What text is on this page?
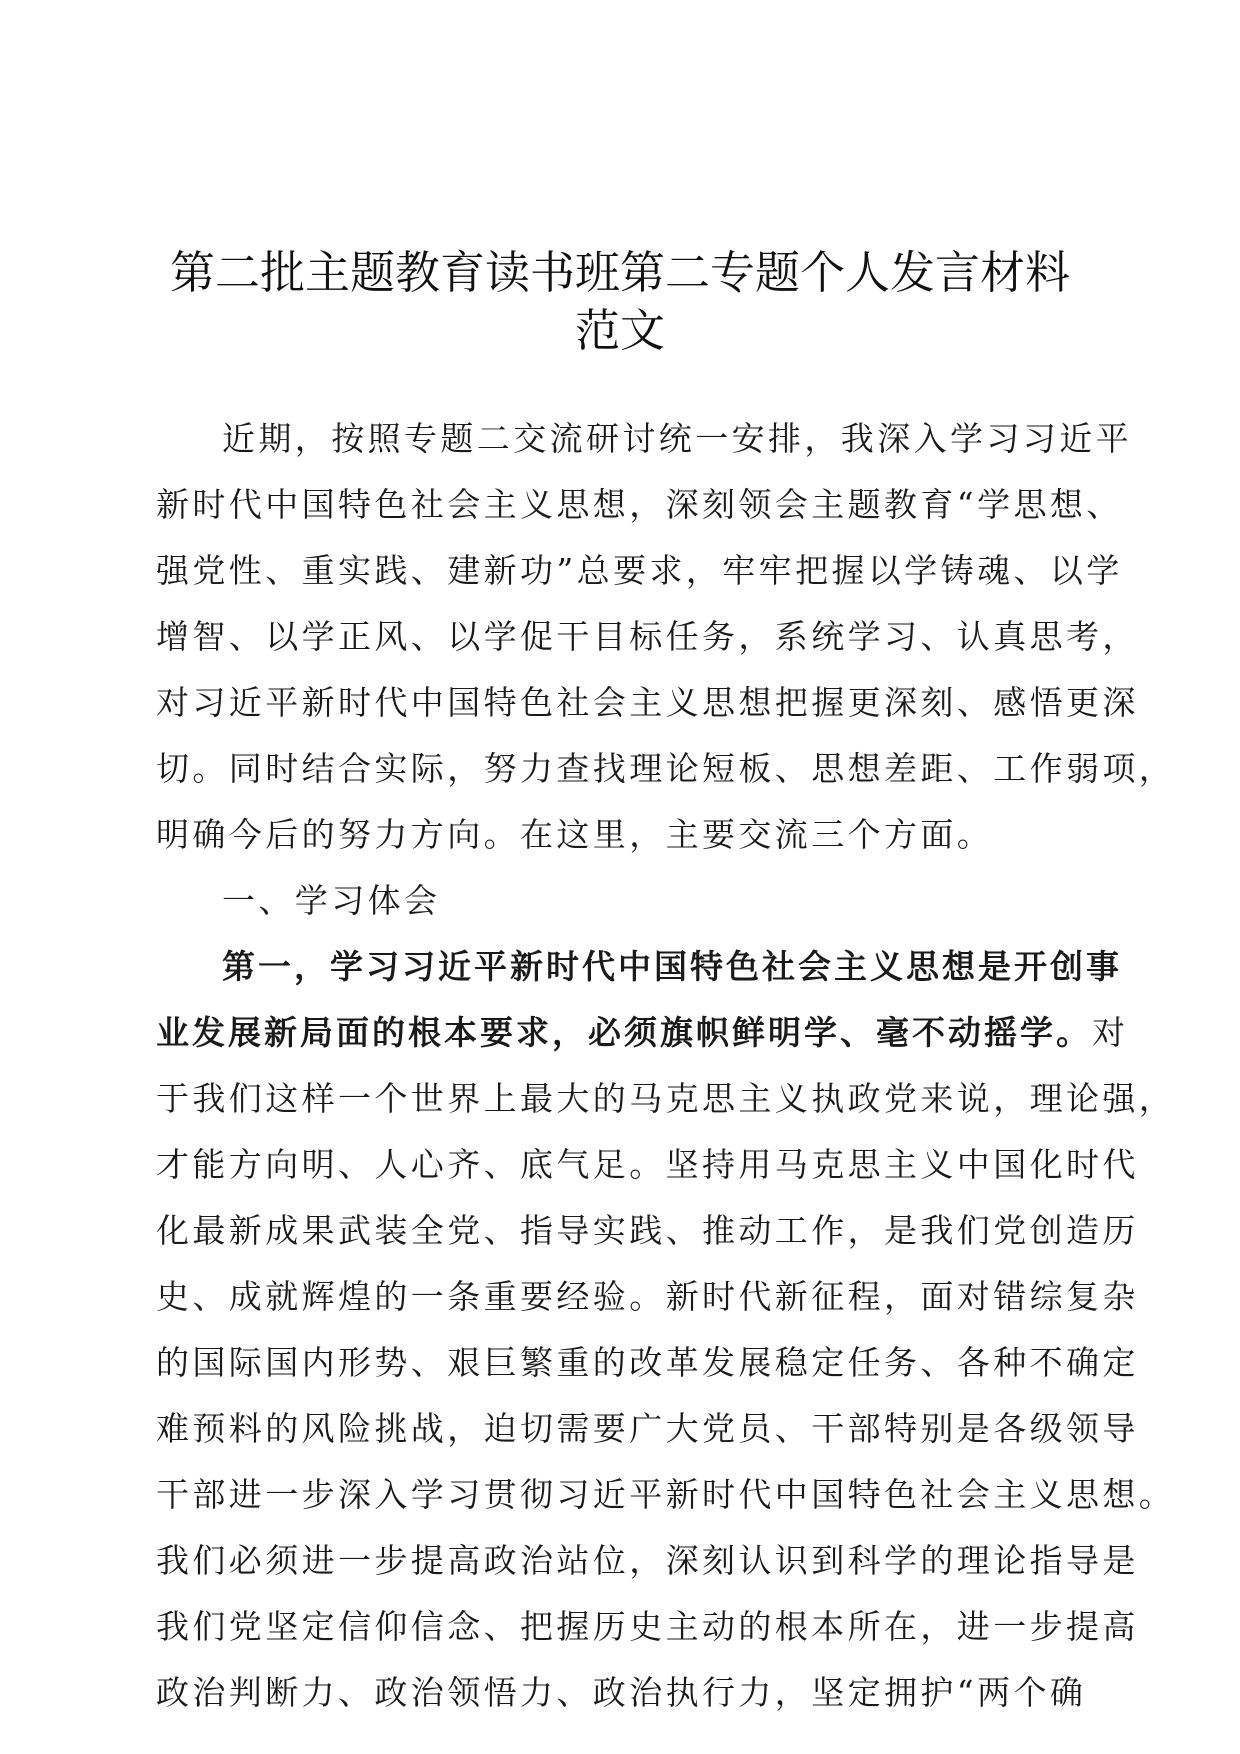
第二批主题教育读书班第二专题个人发言材料
范文
近期，按照专题二交流研讨统一安排，我深入学习习近平
新时代中国特色社会主义思想，深刻领会主题教育“学思想、
强党性、重实践、建新功”总要求，牢牢把握以学铸魂、以学
增智、以学正风、以学促干目标任务，系统学习、认真思考，
对习近平新时代中国特色社会主义思想把握更深刻、感悟更深
切。同时结合实际，努力查找理论短板、思想差距、工作弱项，
明确今后的努力方向。在这里，主要交流三个方面。
一、学习体会
第一，学习习近平新时代中国特色社会主义思想是开创事
业发展新局面的根本要求，必须旗帜鲜明学、毫不动摇学。对
于我们这样一个世界上最大的马克思主义执政党来说，理论强，
才能方向明、人心齐、底气足。坚持用马克思主义中国化时代
化最新成果武装全党、指导实践、推动工作，是我们党创造历
史、成就辉煌的一条重要经验。新时代新征程，面对错综复杂
的国际国内形势、艰巨繁重的改革发展稳定任务、各种不确定
难预料的风险挑战，迫切需要广大党员、干部特别是各级领导
干部进一步深入学习贯彻习近平新时代中国特色社会主义思想。
我们必须进一步提高政治站位，深刻认识到科学的理论指导是
我们党坚定信仰信念、把握历史主动的根本所在，进一步提高
政治判断力、政治领悟力、政治执行力，坚定拥护“两个确
